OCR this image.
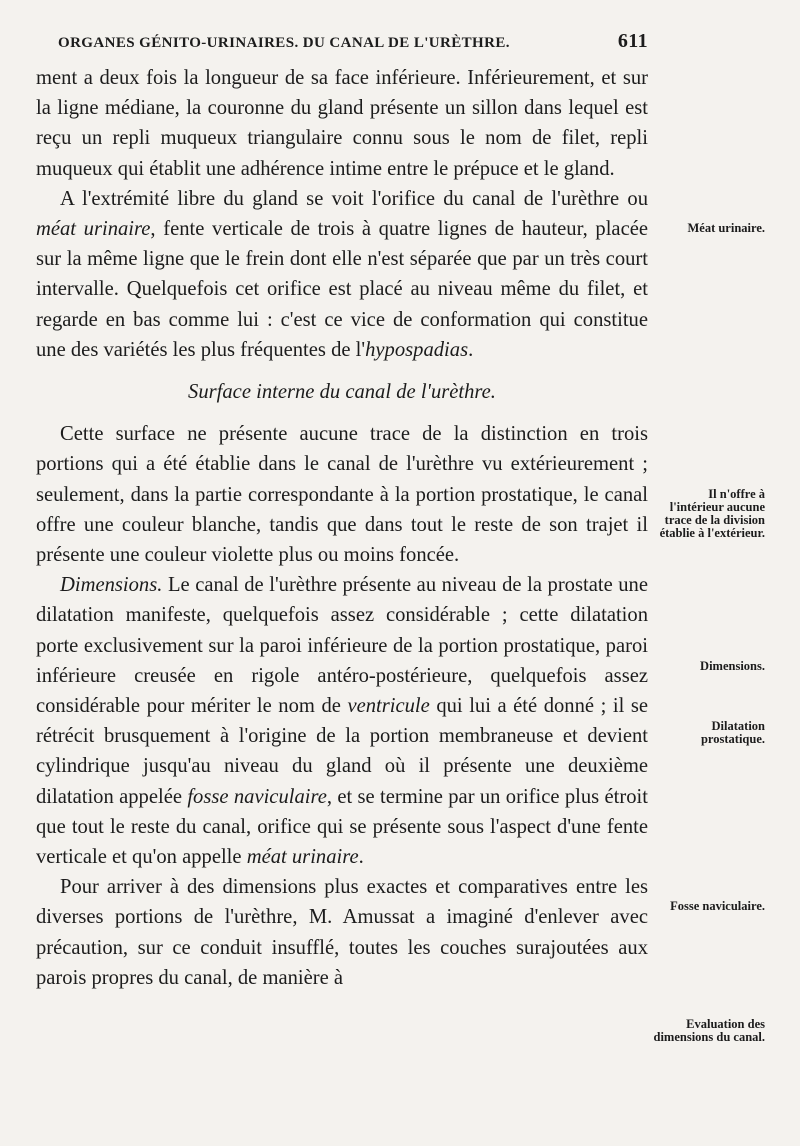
ORGANES GÉNITO-URINAIRES. DU CANAL DE L'URÈTHRE.	611

ment a deux fois la longueur de sa face inférieure. Inférieurement, et sur la ligne médiane, la couronne du gland présente un sillon dans lequel est reçu un repli muqueux triangulaire connu sous le nom de filet, repli muqueux qui établit une adhérence intime entre le prépuce et le gland.

A l'extrémité libre du gland se voit l'orifice du canal de l'urèthre ou méat urinaire, fente verticale de trois à quatre lignes de hauteur, placée sur la même ligne que le frein dont elle n'est séparée que par un très court intervalle. Quelquefois cet orifice est placé au niveau même du filet, et regarde en bas comme lui : c'est ce vice de conformation qui constitue une des variétés les plus fréquentes de l'hypospadias.

Surface interne du canal de l'urèthre.

Cette surface ne présente aucune trace de la distinction en trois portions qui a été établie dans le canal de l'urèthre vu extérieurement ; seulement, dans la partie correspondante à la portion prostatique, le canal offre une couleur blanche, tandis que dans tout le reste de son trajet il présente une couleur violette plus ou moins foncée.

Dimensions. Le canal de l'urèthre présente au niveau de la prostate une dilatation manifeste, quelquefois assez considérable ; cette dilatation porte exclusivement sur la paroi inférieure de la portion prostatique, paroi inférieure creusée en rigole antéro-postérieure, quelquefois assez considérable pour mériter le nom de ventricule qui lui a été donné ; il se rétrécit brusquement à l'origine de la portion membraneuse et devient cylindrique jusqu'au niveau du gland où il présente une deuxième dilatation appelée fosse naviculaire, et se termine par un orifice plus étroit que tout le reste du canal, orifice qui se présente sous l'aspect d'une fente verticale et qu'on appelle méat urinaire.

Pour arriver à des dimensions plus exactes et comparatives entre les diverses portions de l'urèthre, M. Amussat a imaginé d'enlever avec précaution, sur ce conduit insufflé, toutes les couches surajoutées aux parois propres du canal, de manière à

Méat urinaire.
Il n'offre à l'intérieur aucune trace de la division établie à l'extérieur.
Dimensions.
Dilatation prostatique.
Fosse naviculaire.
Evaluation des dimensions du canal.
